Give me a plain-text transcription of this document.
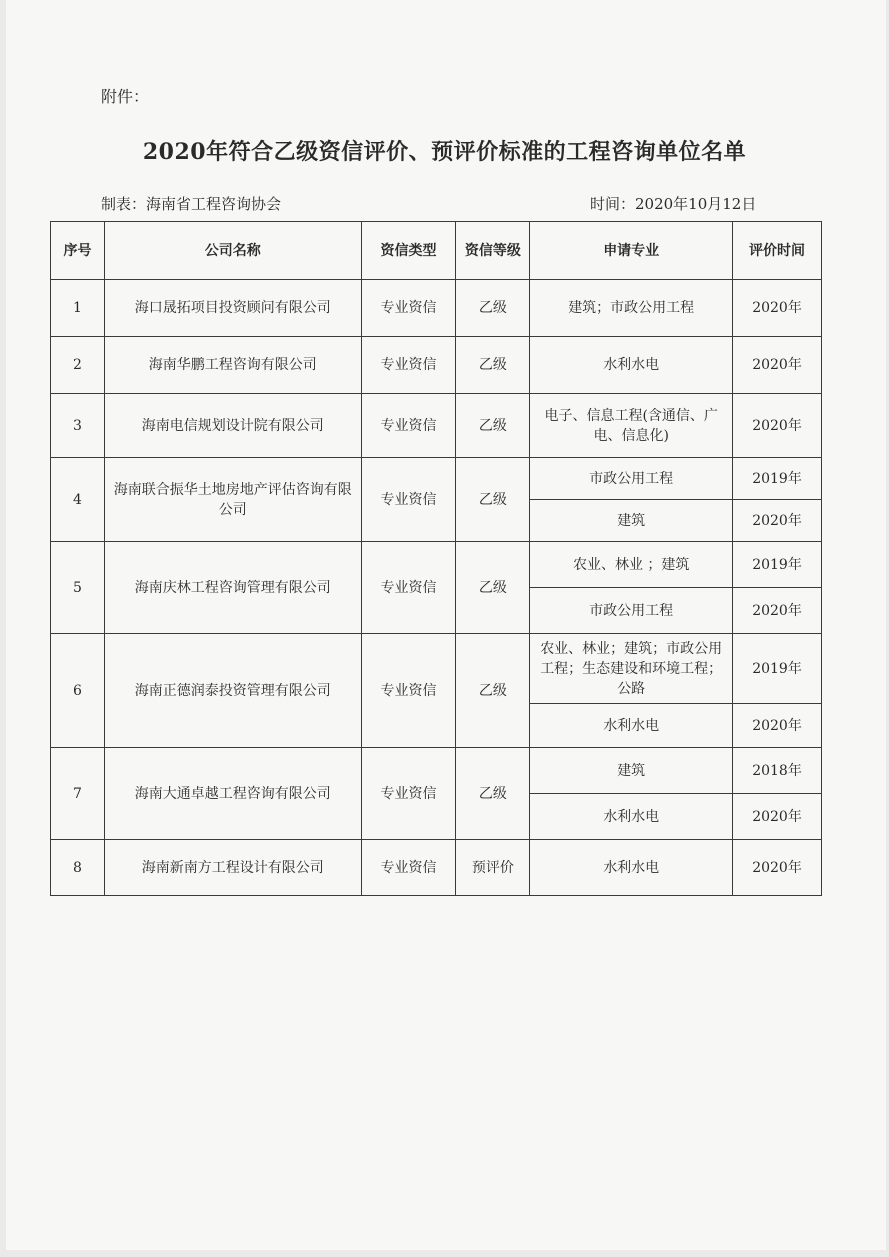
附件：
2020年符合乙级资信评价、预评价标准的工程咨询单位名单
制表：海南省工程咨询协会	时间：2020年10月12日
序号	公司名称	资信类型	资信等级	申请专业	评价时间
1	海口晟拓项目投资顾问有限公司	专业资信	乙级	建筑；市政公用工程	2020年
2	海南华鹏工程咨询有限公司	专业资信	乙级	水利水电	2020年
3	海南电信规划设计院有限公司	专业资信	乙级	电子、信息工程(含通信、广电、信息化)	2020年
4	海南联合振华土地房地产评估咨询有限公司	专业资信	乙级	市政公用工程	2019年
				建筑	2020年
5	海南庆林工程咨询管理有限公司	专业资信	乙级	农业、林业 ；建筑	2019年
				市政公用工程	2020年
6	海南正德润泰投资管理有限公司	专业资信	乙级	农业、林业；建筑；市政公用工程；生态建设和环境工程；公路	2019年
				水利水电	2020年
7	海南大通卓越工程咨询有限公司	专业资信	乙级	建筑	2018年
				水利水电	2020年
8	海南新南方工程设计有限公司	专业资信	预评价	水利水电	2020年
